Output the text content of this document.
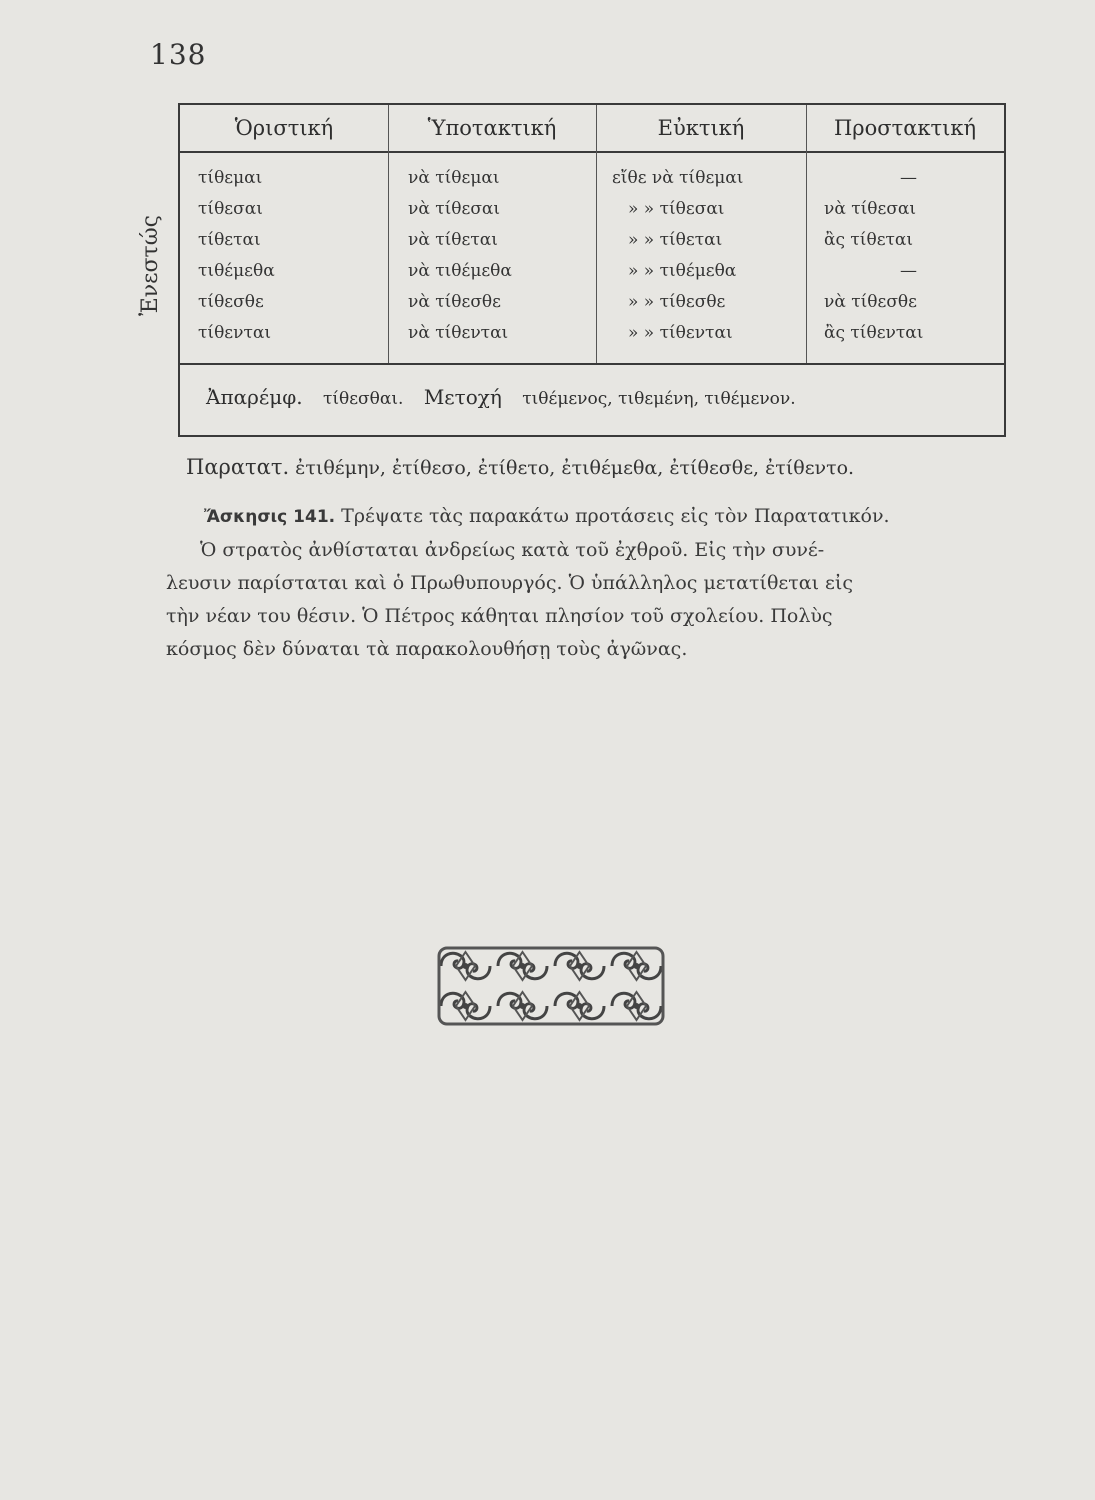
138
Ἐνεστώς
Ὁριστική	Ὑποτακτική	Εὐκτική	Προστακτική
τίθεμαι	νὰ τίθεμαι	εἴθε νὰ τίθεμαι	—
τίθεσαι	νὰ τίθεσαι	» » τίθεσαι	νὰ τίθεσαι
τίθεται	νὰ τίθεται	» » τίθεται	ἂς τίθεται
τιθέμεθα	νὰ τιθέμεθα	» » τιθέμεθα	—
τίθεσθε	νὰ τίθεσθε	» » τίθεσθε	νὰ τίθεσθε
τίθενται	νὰ τίθενται	» » τίθενται	ἂς τίθενται
Ἀπαρέμφ. τίθεσθαι. Μετοχή τιθέμενος, τιθεμένη, τιθέμενον.
Παρατατ. ἐτιθέμην, ἐτίθεσο, ἐτίθετο, ἐτιθέμεθα, ἐτίθεσθε, ἐτίθεντο.

Ἄσκησις 141. Τρέψατε τὰς παρακάτω προτάσεις εἰς τὸν Παρατατικόν.

Ὁ στρατὸς ἀνθίσταται ἀνδρείως κατὰ τοῦ ἐχθροῦ. Εἰς τὴν συνέ-

λευσιν παρίσταται καὶ ὁ Πρωθυπουργός. Ὁ ὑπάλληλος μετατίθεται εἰς

τὴν νέαν του θέσιν. Ὁ Πέτρος κάθηται πλησίον τοῦ σχολείου. Πολὺς

κόσμος δὲν δύναται τὰ παρακολουθήσῃ τοὺς ἀγῶνας.
